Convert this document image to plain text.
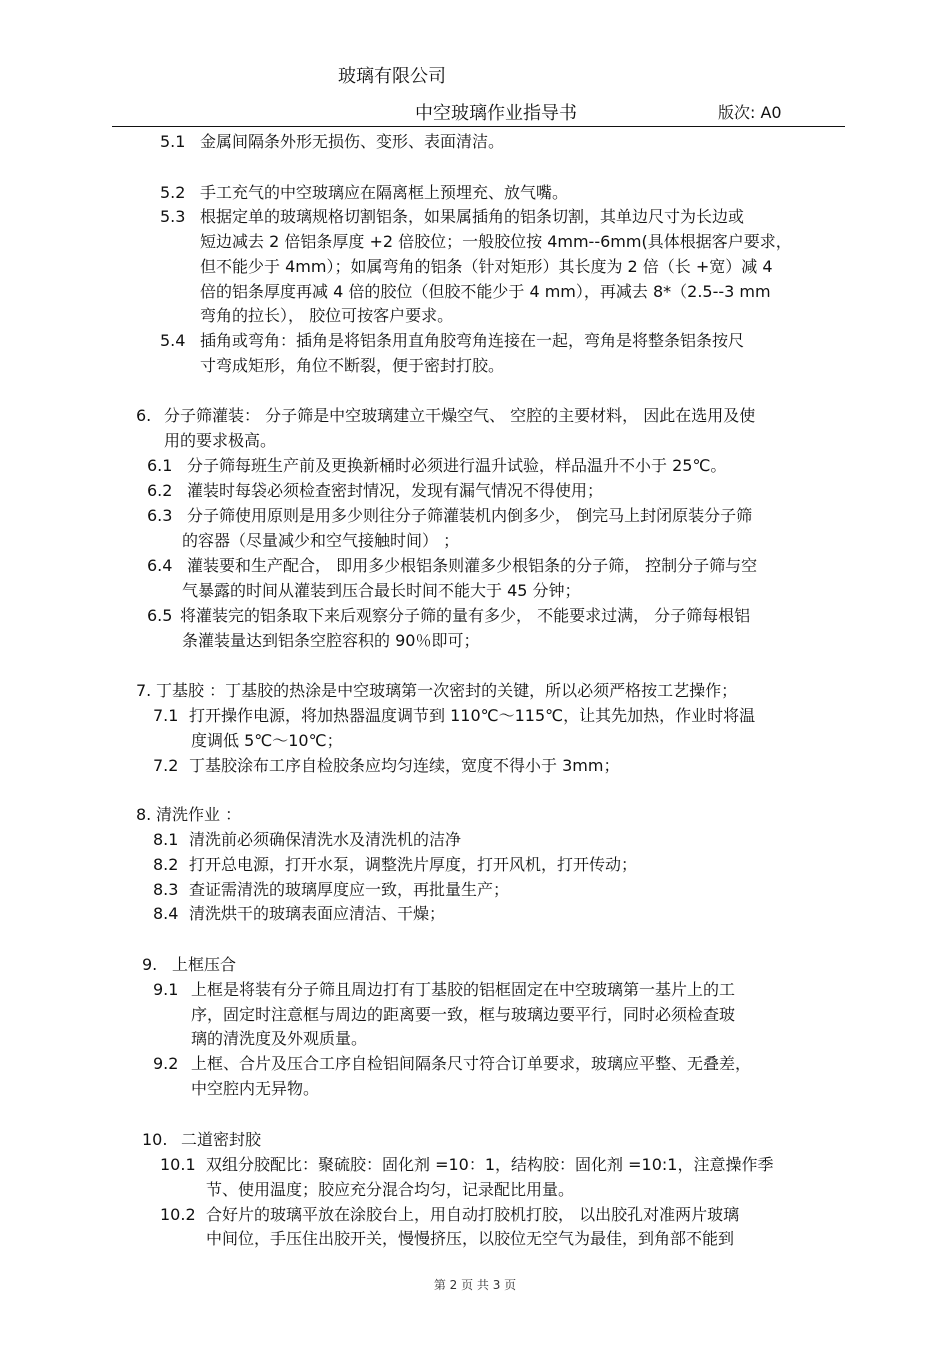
玻璃有限公司
中空玻璃作业指导书	版次: A0
5.1 金属间隔条外形无损伤、变形、表面清洁。
5.2 手工充气的中空玻璃应在隔离框上预埋充、放气嘴。
5.3 根据定单的玻璃规格切割铝条，如果属插角的铝条切割，其单边尺寸为长边或
短边减去 2 倍铝条厚度 +2 倍胶位；一般胶位按 4mm--6mm(具体根据客户要求，
但不能少于 4mm）；如属弯角的铝条（针对矩形）其长度为 2 倍（长 +宽）减 4
倍的铝条厚度再减 4 倍的胶位（但胶不能少于 4 mm），再减去 8*（2.5--3 mm
弯角的拉长）， 胶位可按客户要求。
5.4 插角或弯角：插角是将铝条用直角胶弯角连接在一起，弯角是将整条铝条按尺
寸弯成矩形，角位不断裂，便于密封打胶。
6. 分子筛灌装： 分子筛是中空玻璃建立干燥空气、 空腔的主要材料， 因此在选用及使
用的要求极高。
6.1 分子筛每班生产前及更换新桶时必须进行温升试验，样品温升不小于 25℃。
6.2 灌装时每袋必须检查密封情况，发现有漏气情况不得使用；
6.3 分子筛使用原则是用多少则往分子筛灌装机内倒多少， 倒完马上封闭原装分子筛
的容器（尽量减少和空气接触时间） ；
6.4 灌装要和生产配合， 即用多少根铝条则灌多少根铝条的分子筛， 控制分子筛与空
气暴露的时间从灌装到压合最长时间不能大于 45 分钟；
6.5 将灌装完的铝条取下来后观察分子筛的量有多少， 不能要求过满， 分子筛每根铝
条灌装量达到铝条空腔容积的 90％即可；
7. 丁基胶 ：丁基胶的热涂是中空玻璃第一次密封的关键，所以必须严格按工艺操作；
7.1 打开操作电源，将加热器温度调节到 110℃～115℃，让其先加热，作业时将温
度调低 5℃～10℃；
7.2 丁基胶涂布工序自检胶条应均匀连续，宽度不得小于 3mm；
8. 清洗作业 ：
8.1 清洗前必须确保清洗水及清洗机的洁净
8.2 打开总电源，打开水泵，调整洗片厚度，打开风机，打开传动；
8.3 查证需清洗的玻璃厚度应一致，再批量生产；
8.4 清洗烘干的玻璃表面应清洁、干燥；
9. 上框压合
9.1 上框是将装有分子筛且周边打有丁基胶的铝框固定在中空玻璃第一基片上的工
序，固定时注意框与周边的距离要一致，框与玻璃边要平行，同时必须检查玻
璃的清洗度及外观质量。
9.2 上框、合片及压合工序自检铝间隔条尺寸符合订单要求，玻璃应平整、无叠差，
中空腔内无异物。
10. 二道密封胶
10.1 双组分胶配比：聚硫胶：固化剂 =10：1，结构胶：固化剂 =10:1，注意操作季
节、使用温度；胶应充分混合均匀，记录配比用量。
10.2 合好片的玻璃平放在涂胶台上，用自动打胶机打胶， 以出胶孔对准两片玻璃
中间位，手压住出胶开关，慢慢挤压，以胶位无空气为最佳，到角部不能到
第 2 页 共 3 页
